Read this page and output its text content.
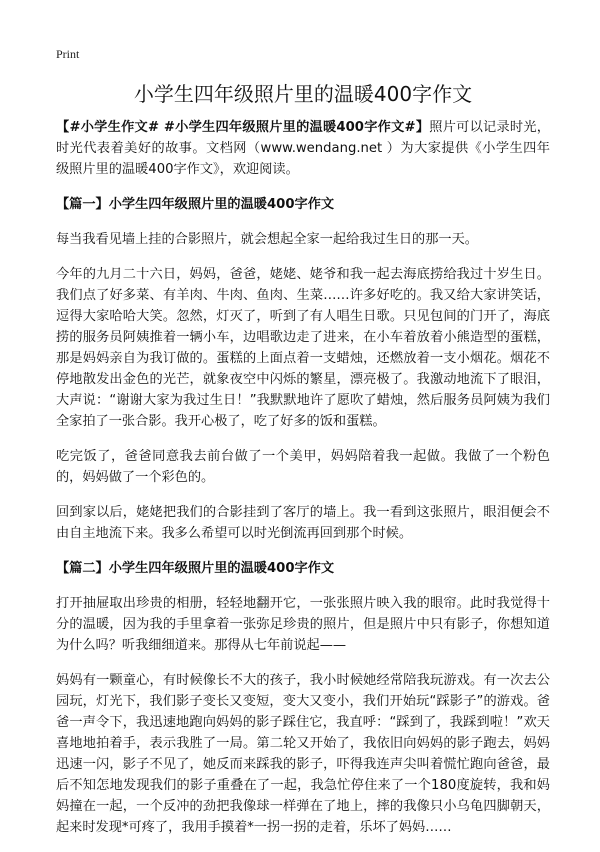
Print
小学生四年级照片里的温暖400字作文

【#小学生作文# #小学生四年级照片里的温暖400字作文#】照片可以记录时光，时光代表着美好的故事。文档网（www.wendang.net ）为大家提供《小学生四年级照片里的温暖400字作文》，欢迎阅读。

【篇一】小学生四年级照片里的温暖400字作文

每当我看见墙上挂的合影照片，就会想起全家一起给我过生日的那一天。

今年的九月二十六日，妈妈，爸爸，姥姥、姥爷和我一起去海底捞给我过十岁生日。我们点了好多菜、有羊肉、牛肉、鱼肉、生菜……许多好吃的。我又给大家讲笑话，逗得大家哈哈大笑。忽然，灯灭了，听到了有人唱生日歌。只见包间的门开了，海底捞的服务员阿姨推着一辆小车，边唱歌边走了进来，在小车着放着小熊造型的蛋糕，那是妈妈亲自为我订做的。蛋糕的上面点着一支蜡烛，还燃放着一支小烟花。烟花不停地散发出金色的光芒，就象夜空中闪烁的繁星，漂亮极了。我激动地流下了眼泪，大声说：“谢谢大家为我过生日！”我默默地许了愿吹了蜡烛，然后服务员阿姨为我们全家拍了一张合影。我开心极了，吃了好多的饭和蛋糕。

吃完饭了，爸爸同意我去前台做了一个美甲，妈妈陪着我一起做。我做了一个粉色的，妈妈做了一个彩色的。

回到家以后，姥姥把我们的合影挂到了客厅的墙上。我一看到这张照片，眼泪便会不由自主地流下来。我多么希望可以时光倒流再回到那个时候。

【篇二】小学生四年级照片里的温暖400字作文

打开抽屉取出珍贵的相册，轻轻地翻开它，一张张照片映入我的眼帘。此时我觉得十分的温暖，因为我的手里拿着一张弥足珍贵的照片，但是照片中只有影子，你想知道为什么吗？听我细细道来。那得从七年前说起——

妈妈有一颗童心，有时候像长不大的孩子，我小时候她经常陪我玩游戏。有一次去公园玩，灯光下，我们影子变长又变短，变大又变小，我们开始玩“踩影子”的游戏。爸爸一声令下，我迅速地跑向妈妈的影子踩住它，我直呼：“踩到了，我踩到啦！”欢天喜地地拍着手，表示我胜了一局。第二轮又开始了，我依旧向妈妈的影子跑去，妈妈迅速一闪，影子不见了，她反而来踩我的影子，吓得我连声尖叫着慌忙跑向爸爸，最后不知怎地发现我们的影子重叠在了一起，我急忙停住来了一个180度旋转，我和妈妈撞在一起，一个反冲的劲把我像球一样弹在了地上，摔的我像只小乌龟四脚朝天，起来时发现*可疼了，我用手摸着*一拐一拐的走着，乐坏了妈妈……
